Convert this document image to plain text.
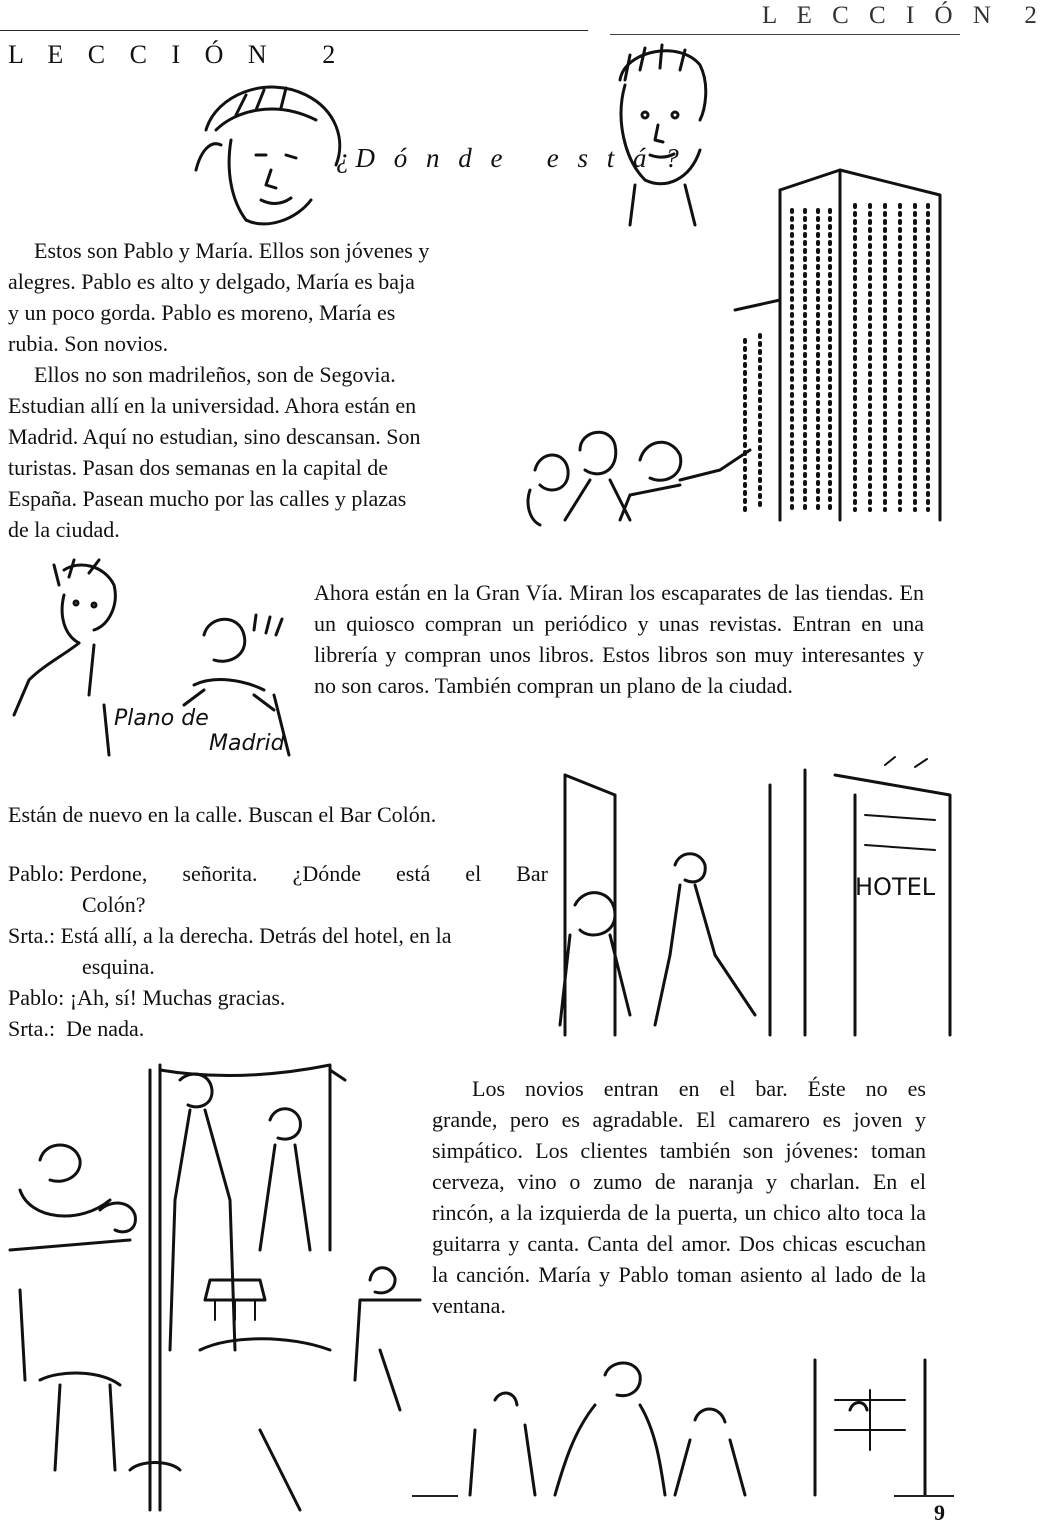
L E C C I Ó N   2
L E C C I Ó N  2
¿D ó n d e   e s t á ?
Estos son Pablo y María. Ellos son jóvenes y
alegres. Pablo es alto y delgado, María es baja
y un poco gorda. Pablo es moreno, María es
rubia. Son novios.
Ellos no son madrileños, son de Segovia.
Estudian allí en la universidad. Ahora están en
Madrid. Aquí no estudian, sino descansan. Son
turistas. Pasan dos semanas en la capital de
España. Pasean mucho por las calles y plazas
de la ciudad.
Plano de
Madrid
Ahora están en la Gran Vía. Miran los escaparates de las tiendas. En un quiosco compran un periódico y unas revistas. Entran en una librería y compran unos libros. Estos libros son muy interesantes y no son caros. También compran un plano de la ciudad.
Están de nuevo en la calle. Buscan el Bar Colón.
Pablo: Perdone, señorita. ¿Dónde está el Bar
Colón?
Srta.: Está allí, a la derecha. Detrás del hotel, en la
esquina.
Pablo: ¡Ah, sí! Muchas gracias.
Srta.: De nada.
HOTEL
Los novios entran en el bar. Éste no es
grande, pero es agradable. El camarero es joven y simpático. Los clientes también son jóvenes: toman cerveza, vino o zumo de naranja y charlan. En el rincón, a la izquierda de la puerta, un chico alto toca la guitarra y canta. Canta del amor. Dos chicas escuchan la canción. María y Pablo toman asiento al lado de la ventana.
9
